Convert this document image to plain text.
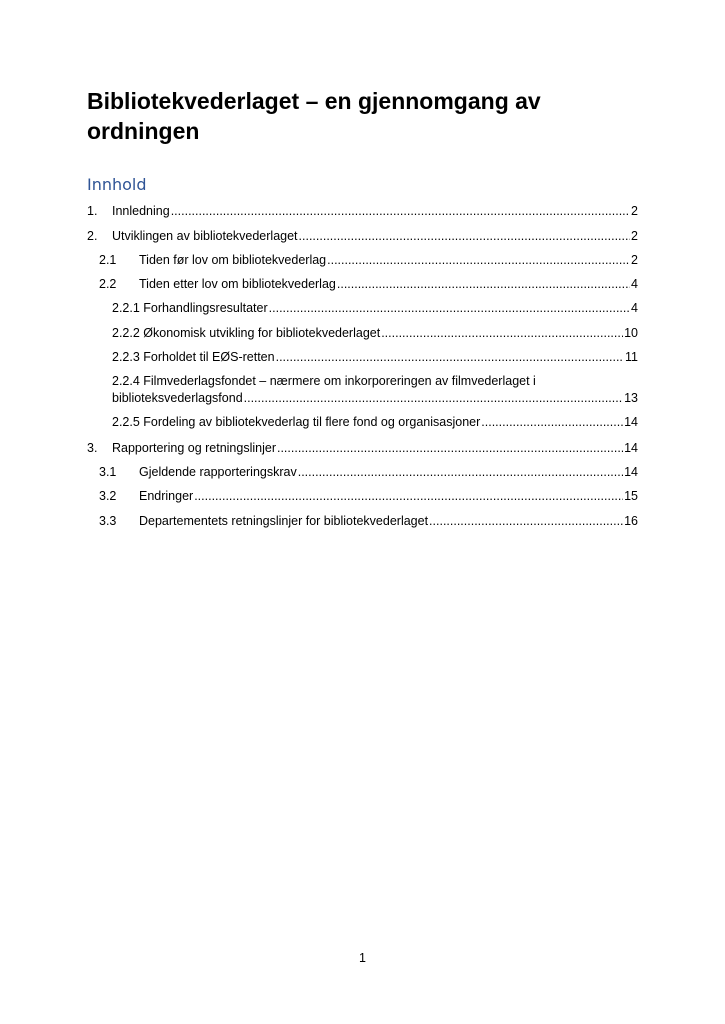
Bibliotekvederlaget – en gjennomgang av ordningen
Innhold
1. Innledning .....	2
2. Utviklingen av bibliotekvederlaget .....	2
2.1 Tiden før lov om bibliotekvederlag .....	2
2.2 Tiden etter lov om bibliotekvederlag .....	4
2.2.1 Forhandlingsresultater .....	4
2.2.2 Økonomisk utvikling for bibliotekvederlaget .....	10
2.2.3 Forholdet til EØS-retten .....	11
2.2.4 Filmvederlagsfondet – nærmere om inkorporeringen av filmvederlaget i
biblioteksvederlagsfond .....	13
2.2.5 Fordeling av bibliotekvederlag til flere fond og organisasjoner .....	14
3. Rapportering og retningslinjer .....	14
3.1 Gjeldende rapporteringskrav .....	14
3.2 Endringer .....	15
3.3 Departementets retningslinjer for bibliotekvederlaget .....	16
1
